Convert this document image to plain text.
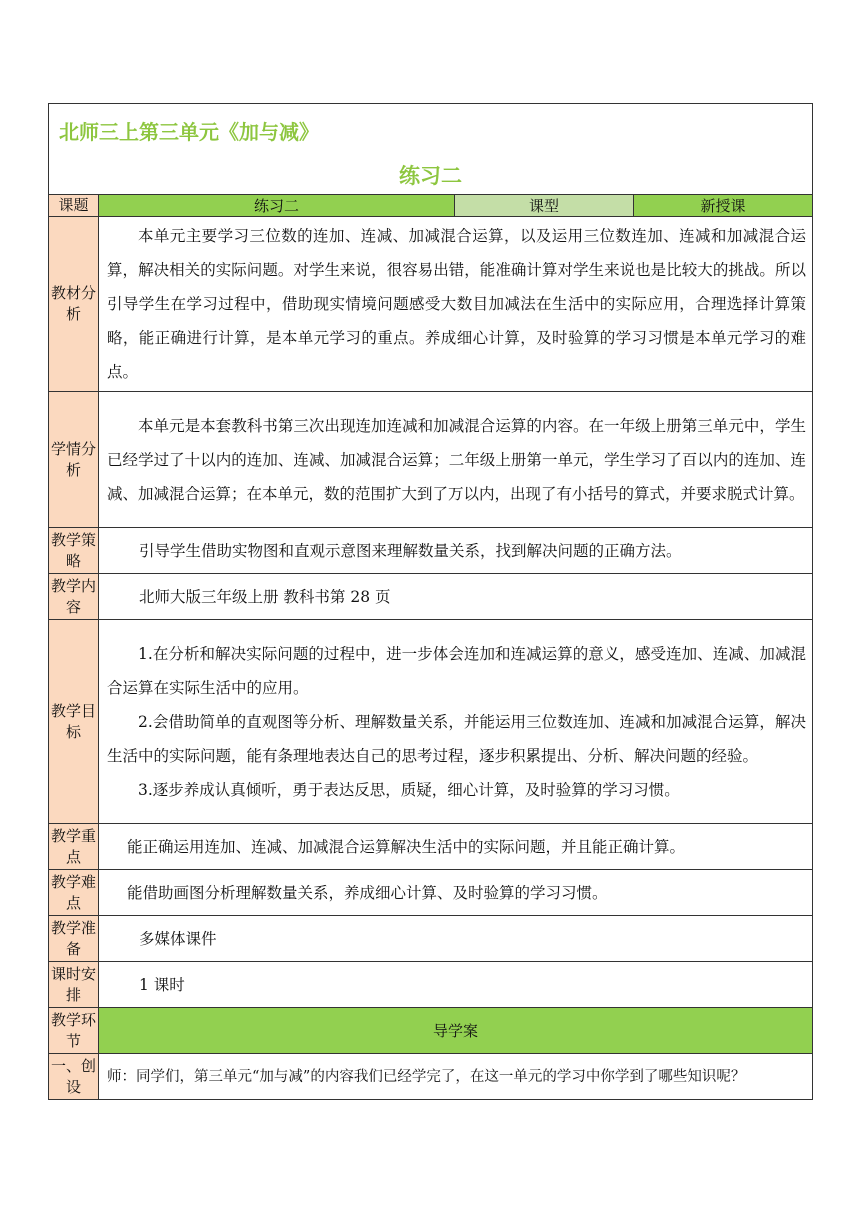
北师三上第三单元《加与减》
练习二			

课题	练习二	课型	新授课
教材分析	本单元主要学习三位数的连加、连减、加减混合运算，以及运用三位数连加、连减和加减混合运算，解决相关的实际问题。对学生来说，很容易出错，能准确计算对学生来说也是比较大的挑战。所以引导学生在学习过程中，借助现实情境问题感受大数目加减法在生活中的实际应用，合理选择计算策略，能正确进行计算，是本单元学习的重点。养成细心计算，及时验算的学习习惯是本单元学习的难点。		
学情分析	本单元是本套教科书第三次出现连加连减和加减混合运算的内容。在一年级上册第三单元中，学生已经学过了十以内的连加、连减、加减混合运算；二年级上册第一单元，学生学习了百以内的连加、连减、加减混合运算；在本单元，数的范围扩大到了万以内，出现了有小括号的算式，并要求脱式计算。		
教学策略	引导学生借助实物图和直观示意图来理解数量关系，找到解决问题的正确方法。		
教学内容	北师大版三年级上册 教科书第 28 页		
教学目标	1.在分析和解决实际问题的过程中，进一步体会连加和连减运算的意义，感受连加、连减、加减混合运算在实际生活中的应用。

2.会借助简单的直观图等分析、理解数量关系，并能运用三位数连加、连减和加减混合运算，解决生活中的实际问题，能有条理地表达自己的思考过程，逐步积累提出、分析、解决问题的经验。

3.逐步养成认真倾听，勇于表达反思，质疑，细心计算，及时验算的学习习惯。		

教学重点	能正确运用连加、连减、加减混合运算解决生活中的实际问题，并且能正确计算。		
教学难点	能借助画图分析理解数量关系，养成细心计算、及时验算的学习习惯。		
教学准备	多媒体课件		
课时安排	1 课时		
教学环节	导学案		
一、创设	师：同学们，第三单元“加与减”的内容我们已经学完了，在这一单元的学习中你学到了哪些知识呢？		
